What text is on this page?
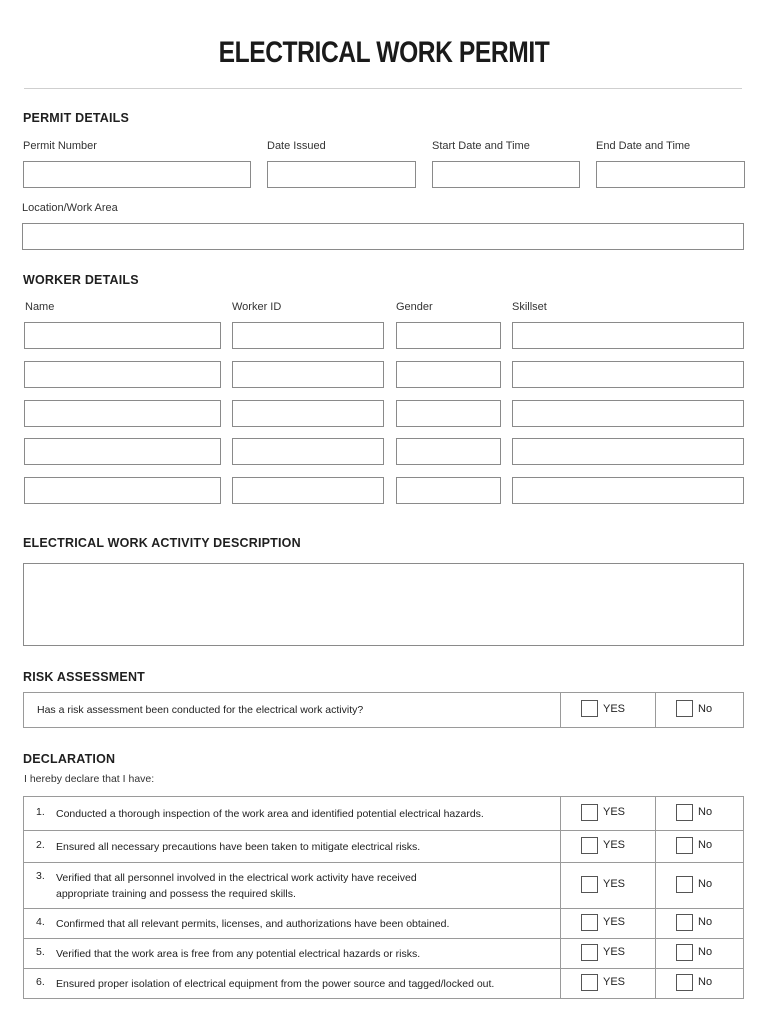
ELECTRICAL WORK PERMIT
PERMIT DETAILS
Permit Number	Date Issued	Start Date and Time	End Date and Time
Location/Work Area
WORKER DETAILS
Name	Worker ID	Gender	Skillset
ELECTRICAL WORK ACTIVITY DESCRIPTION
RISK ASSESSMENT
Has a risk assessment been conducted for the electrical work activity?	YES	No
DECLARATION
I hereby declare that I have:
1. Conducted a thorough inspection of the work area and identified potential electrical hazards.	YES	No

2. Ensured all necessary precautions have been taken to mitigate electrical risks.	YES	No

3. Verified that all personnel involved in the electrical work activity have received
appropriate training and possess the required skills.	YES	No

4. Confirmed that all relevant permits, licenses, and authorizations have been obtained.	YES	No

5. Verified that the work area is free from any potential electrical hazards or risks.	YES	No

6. Ensured proper isolation of electrical equipment from the power source and tagged/locked out.	YES	No
